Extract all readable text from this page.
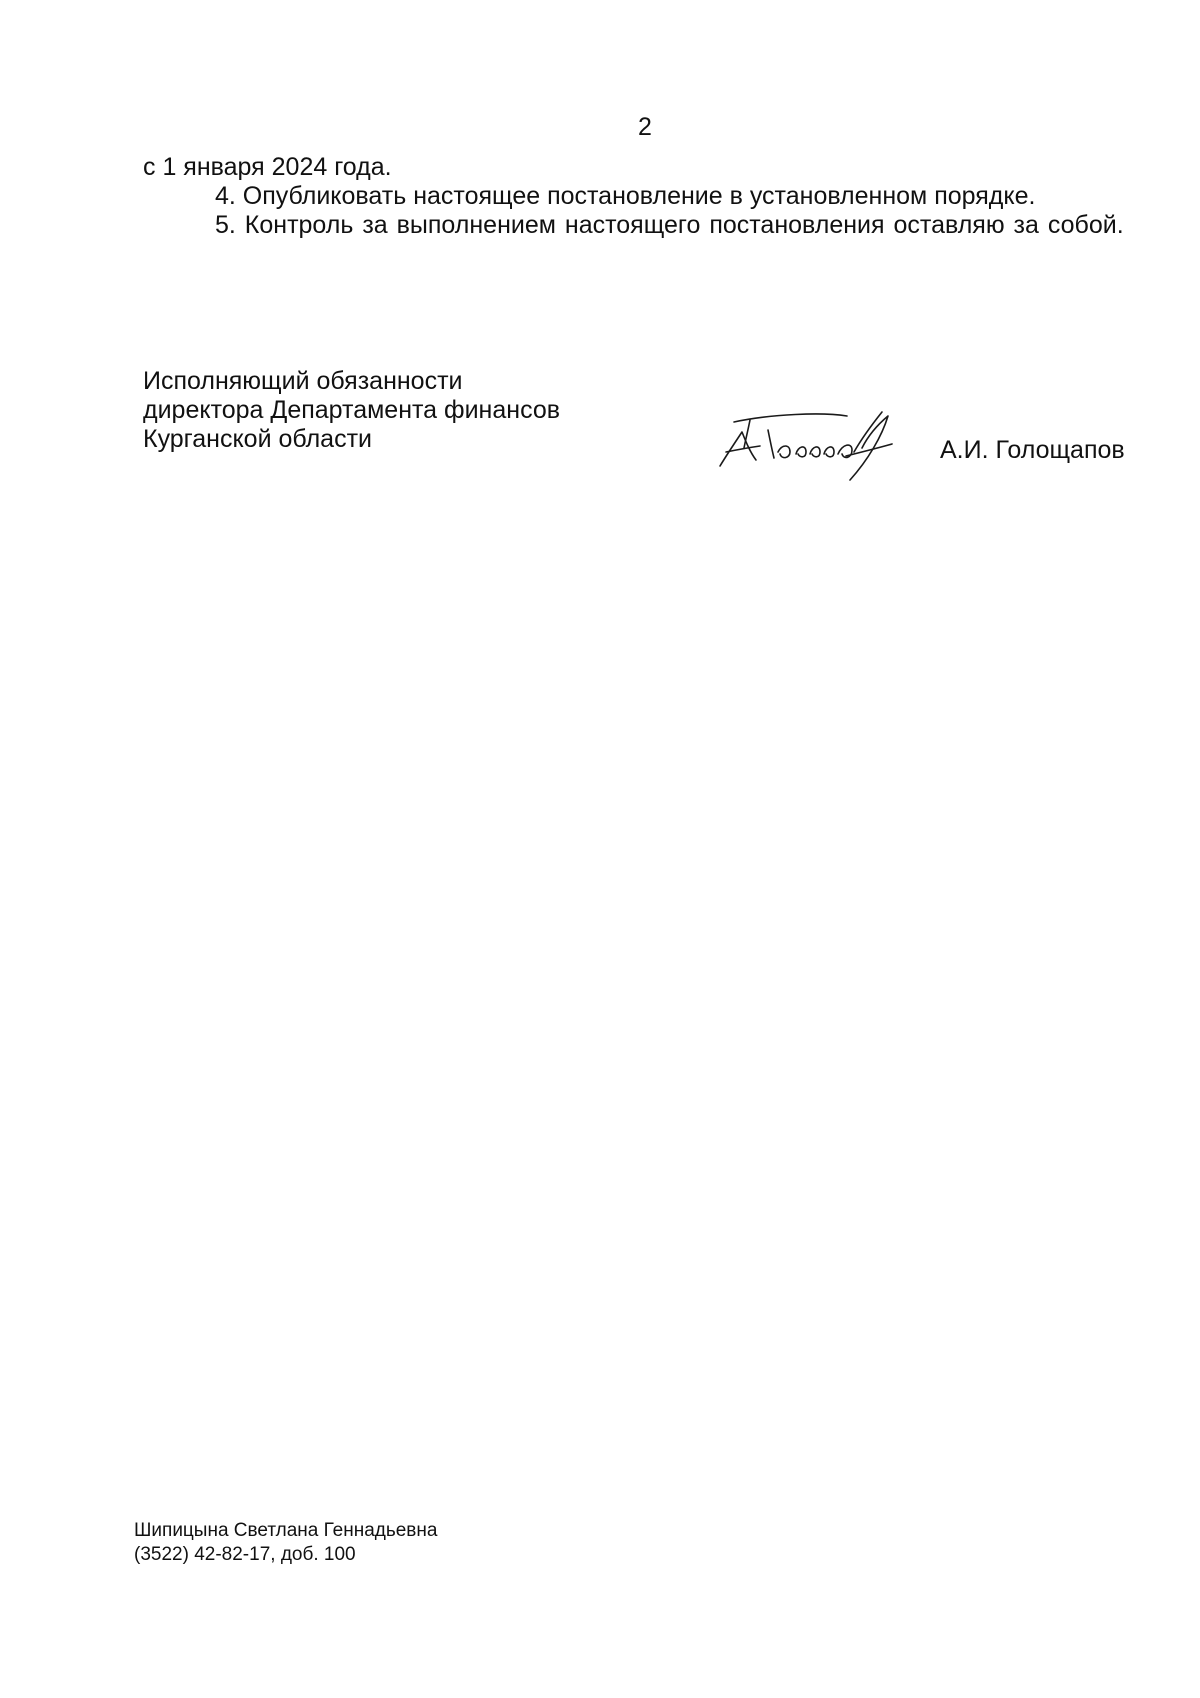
2

с 1 января 2024 года.

4. Опубликовать настоящее постановление в установленном порядке.

5. Контроль за выполнением настоящего постановления оставляю за собой.

Исполняющий обязанности
директора Департамента финансов
Курганской области	А.И. Голощапов
Шипицына Светлана Геннадьевна
(3522) 42-82-17, доб. 100
